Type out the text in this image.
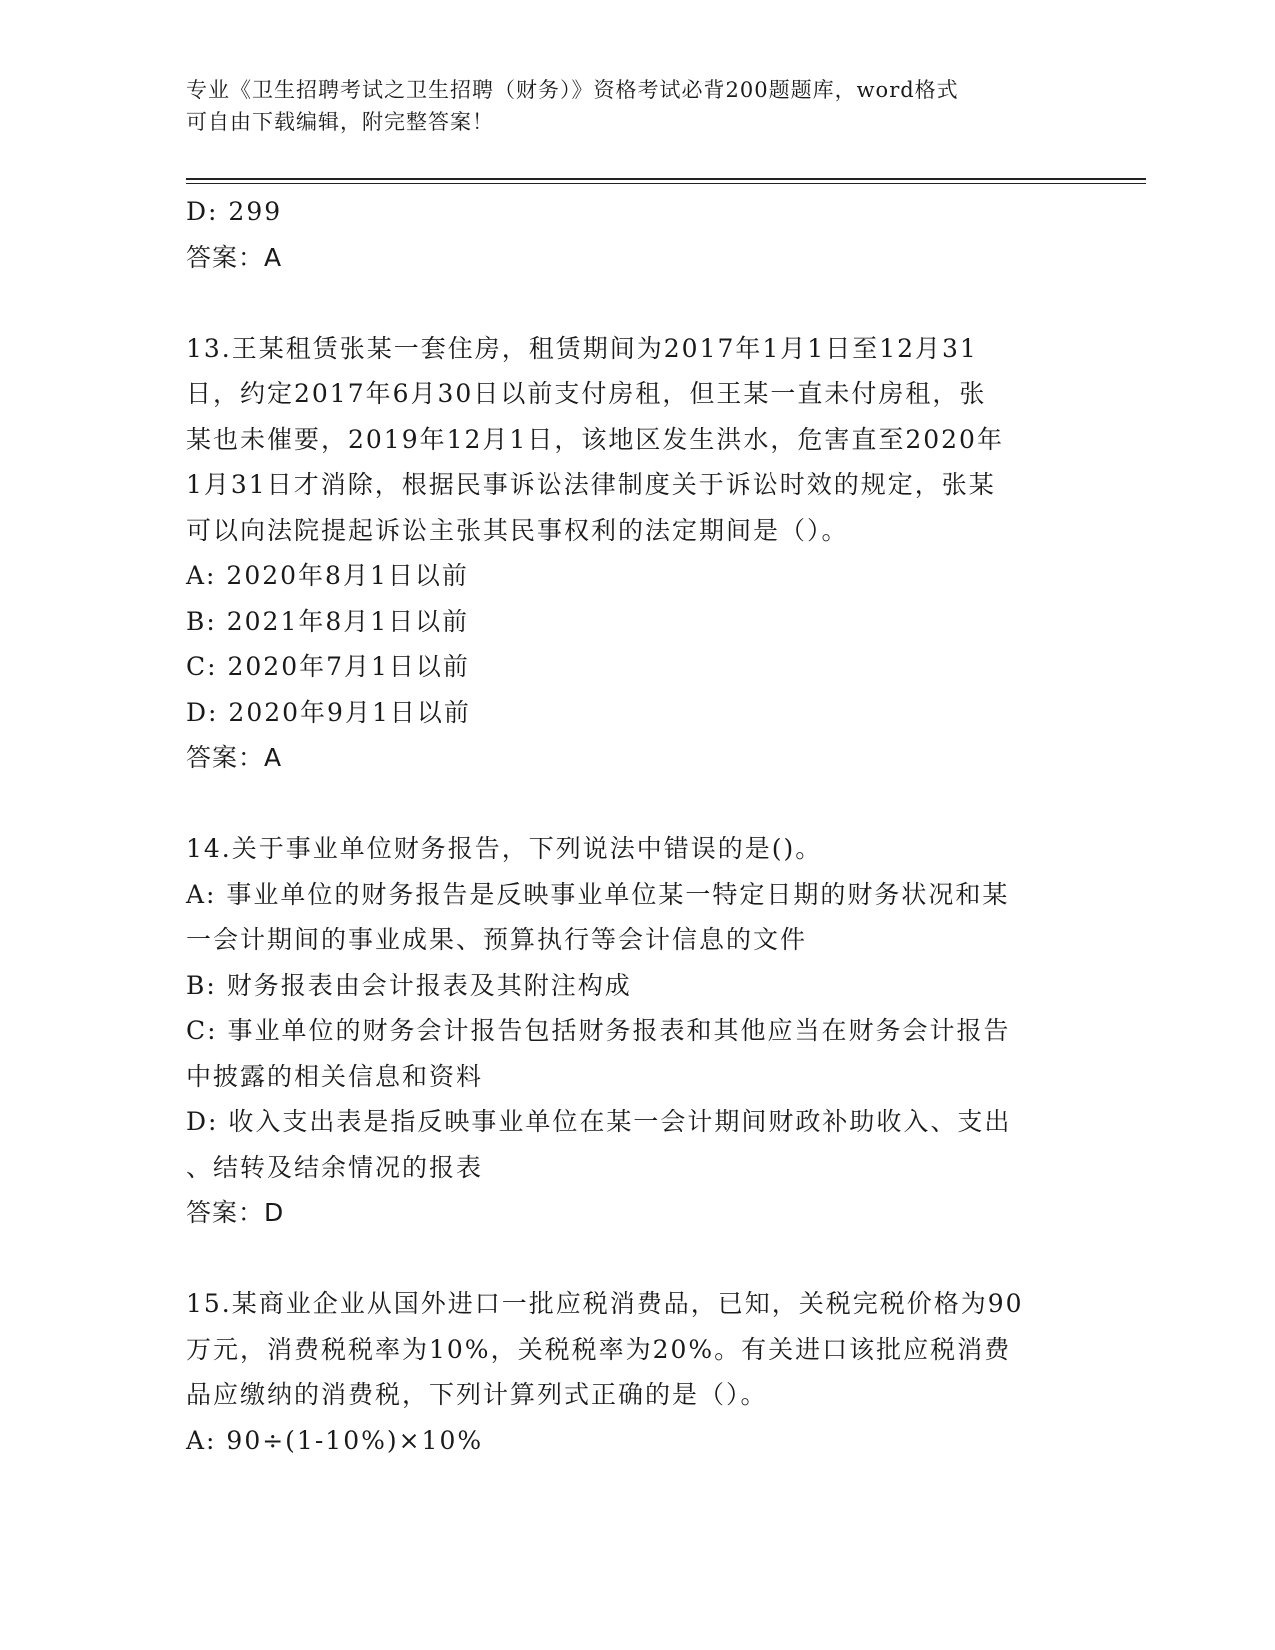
专业《卫生招聘考试之卫生招聘（财务）》资格考试必背200题题库，word格式
可自由下载编辑，附完整答案！
D: 299
答案：A
13.王某租赁张某一套住房，租赁期间为2017年1月1日至12月31
日，约定2017年6月30日以前支付房租，但王某一直未付房租，张
某也未催要，2019年12月1日，该地区发生洪水，危害直至2020年
1月31日才消除，根据民事诉讼法律制度关于诉讼时效的规定，张某
可以向法院提起诉讼主张其民事权利的法定期间是（）。
A: 2020年8月1日以前
B: 2021年8月1日以前
C: 2020年7月1日以前
D: 2020年9月1日以前
答案：A
14.关于事业单位财务报告，下列说法中错误的是()。
A: 事业单位的财务报告是反映事业单位某一特定日期的财务状况和某
一会计期间的事业成果、预算执行等会计信息的文件
B: 财务报表由会计报表及其附注构成
C: 事业单位的财务会计报告包括财务报表和其他应当在财务会计报告
中披露的相关信息和资料
D: 收入支出表是指反映事业单位在某一会计期间财政补助收入、支出
、结转及结余情况的报表
答案：D
15.某商业企业从国外进口一批应税消费品，已知，关税完税价格为90
万元，消费税税率为10%，关税税率为20%。有关进口该批应税消费
品应缴纳的消费税，下列计算列式正确的是（）。
A: 90÷(1-10%)×10%
